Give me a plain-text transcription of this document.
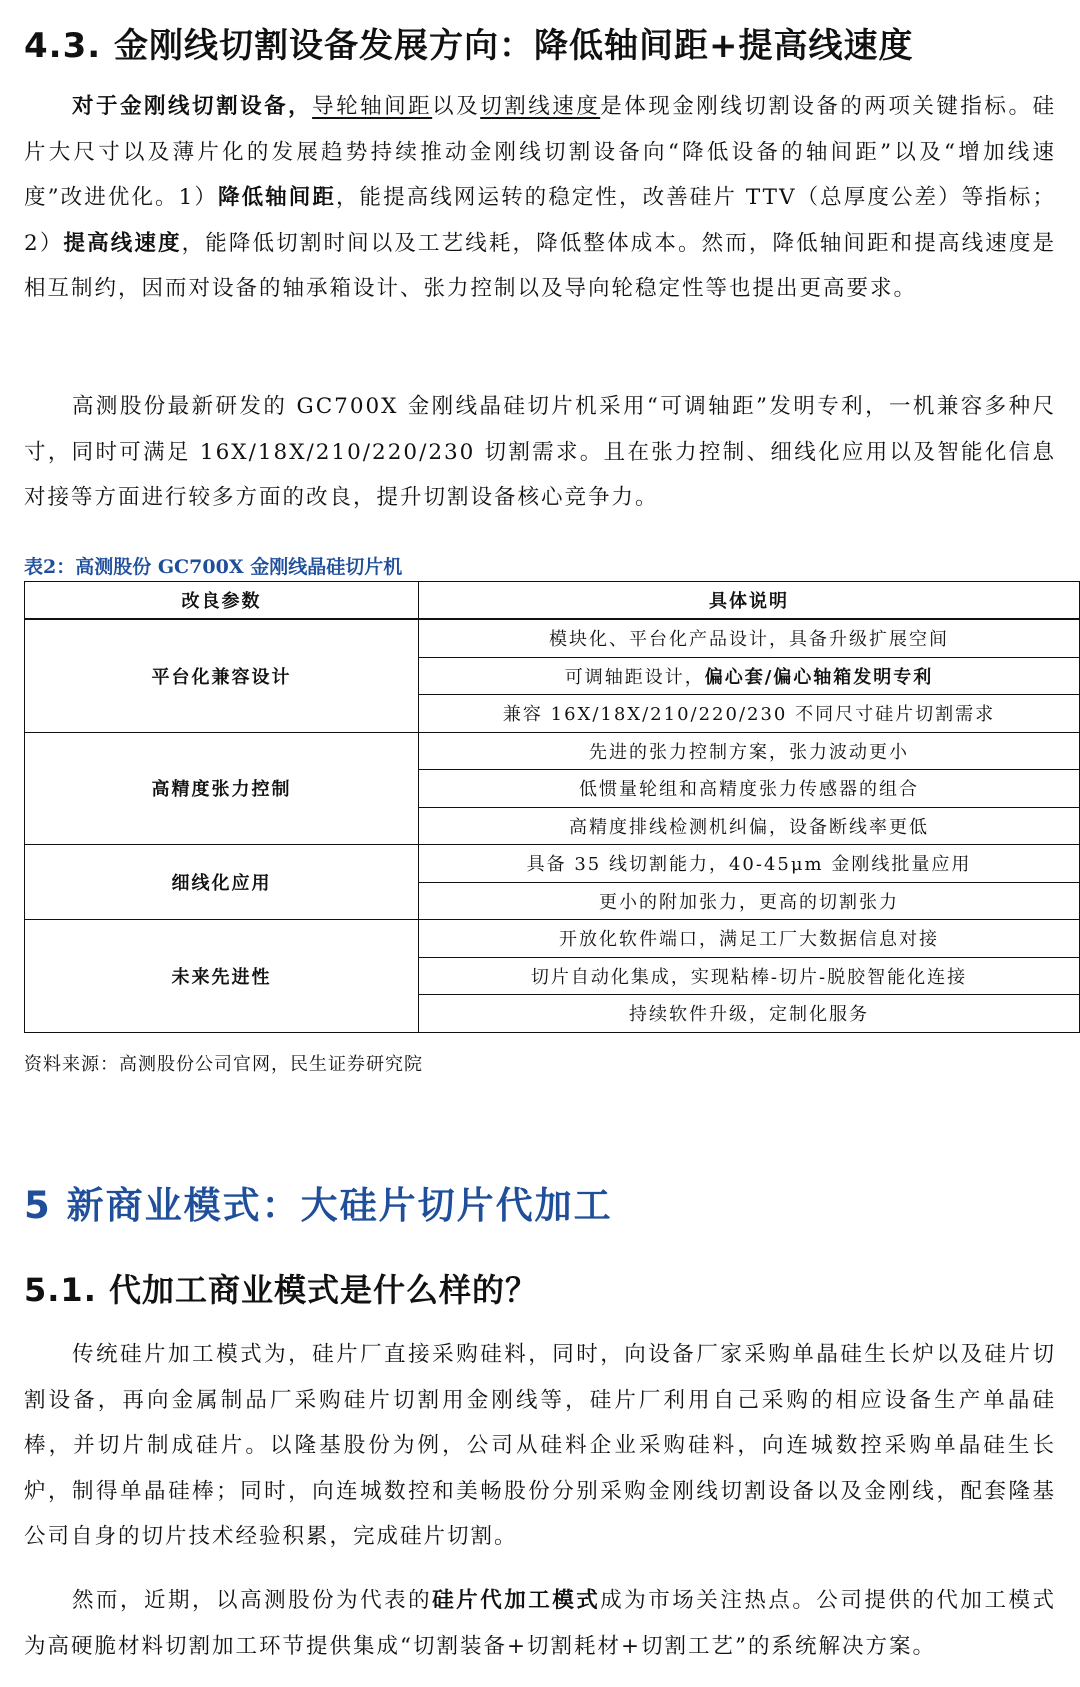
4.3. 金刚线切割设备发展方向：降低轴间距+提高线速度
对于金刚线切割设备，导轮轴间距以及切割线速度是体现金刚线切割设备的两项关键指标。硅片大尺寸以及薄片化的发展趋势持续推动金刚线切割设备向“降低设备的轴间距”以及“增加线速度”改进优化。1）降低轴间距，能提高线网运转的稳定性，改善硅片 TTV（总厚度公差）等指标；2）提高线速度，能降低切割时间以及工艺线耗，降低整体成本。然而，降低轴间距和提高线速度是相互制约，因而对设备的轴承箱设计、张力控制以及导向轮稳定性等也提出更高要求。
高测股份最新研发的 GC700X 金刚线晶硅切片机采用“可调轴距”发明专利，一机兼容多种尺寸，同时可满足 16X/18X/210/220/230 切割需求。且在张力控制、细线化应用以及智能化信息对接等方面进行较多方面的改良，提升切割设备核心竞争力。
表2：高测股份 GC700X 金刚线晶硅切片机
改良参数	具体说明
平台化兼容设计	模块化、平台化产品设计，具备升级扩展空间
	可调轴距设计，偏心套/偏心轴箱发明专利
	兼容 16X/18X/210/220/230 不同尺寸硅片切割需求
高精度张力控制	先进的张力控制方案，张力波动更小
	低惯量轮组和高精度张力传感器的组合
	高精度排线检测机纠偏，设备断线率更低
细线化应用	具备 35 线切割能力，40-45μm 金刚线批量应用
	更小的附加张力，更高的切割张力
未来先进性	开放化软件端口，满足工厂大数据信息对接
	切片自动化集成，实现粘棒-切片-脱胶智能化连接
	持续软件升级，定制化服务
资料来源：高测股份公司官网，民生证券研究院
5 新商业模式：大硅片切片代加工
5.1. 代加工商业模式是什么样的？
传统硅片加工模式为，硅片厂直接采购硅料，同时，向设备厂家采购单晶硅生长炉以及硅片切割设备，再向金属制品厂采购硅片切割用金刚线等，硅片厂利用自己采购的相应设备生产单晶硅棒，并切片制成硅片。以隆基股份为例，公司从硅料企业采购硅料，向连城数控采购单晶硅生长炉，制得单晶硅棒；同时，向连城数控和美畅股份分别采购金刚线切割设备以及金刚线，配套隆基公司自身的切片技术经验积累，完成硅片切割。
然而，近期，以高测股份为代表的硅片代加工模式成为市场关注热点。公司提供的代加工模式为高硬脆材料切割加工环节提供集成“切割装备+切割耗材+切割工艺”的系统解决方案。
